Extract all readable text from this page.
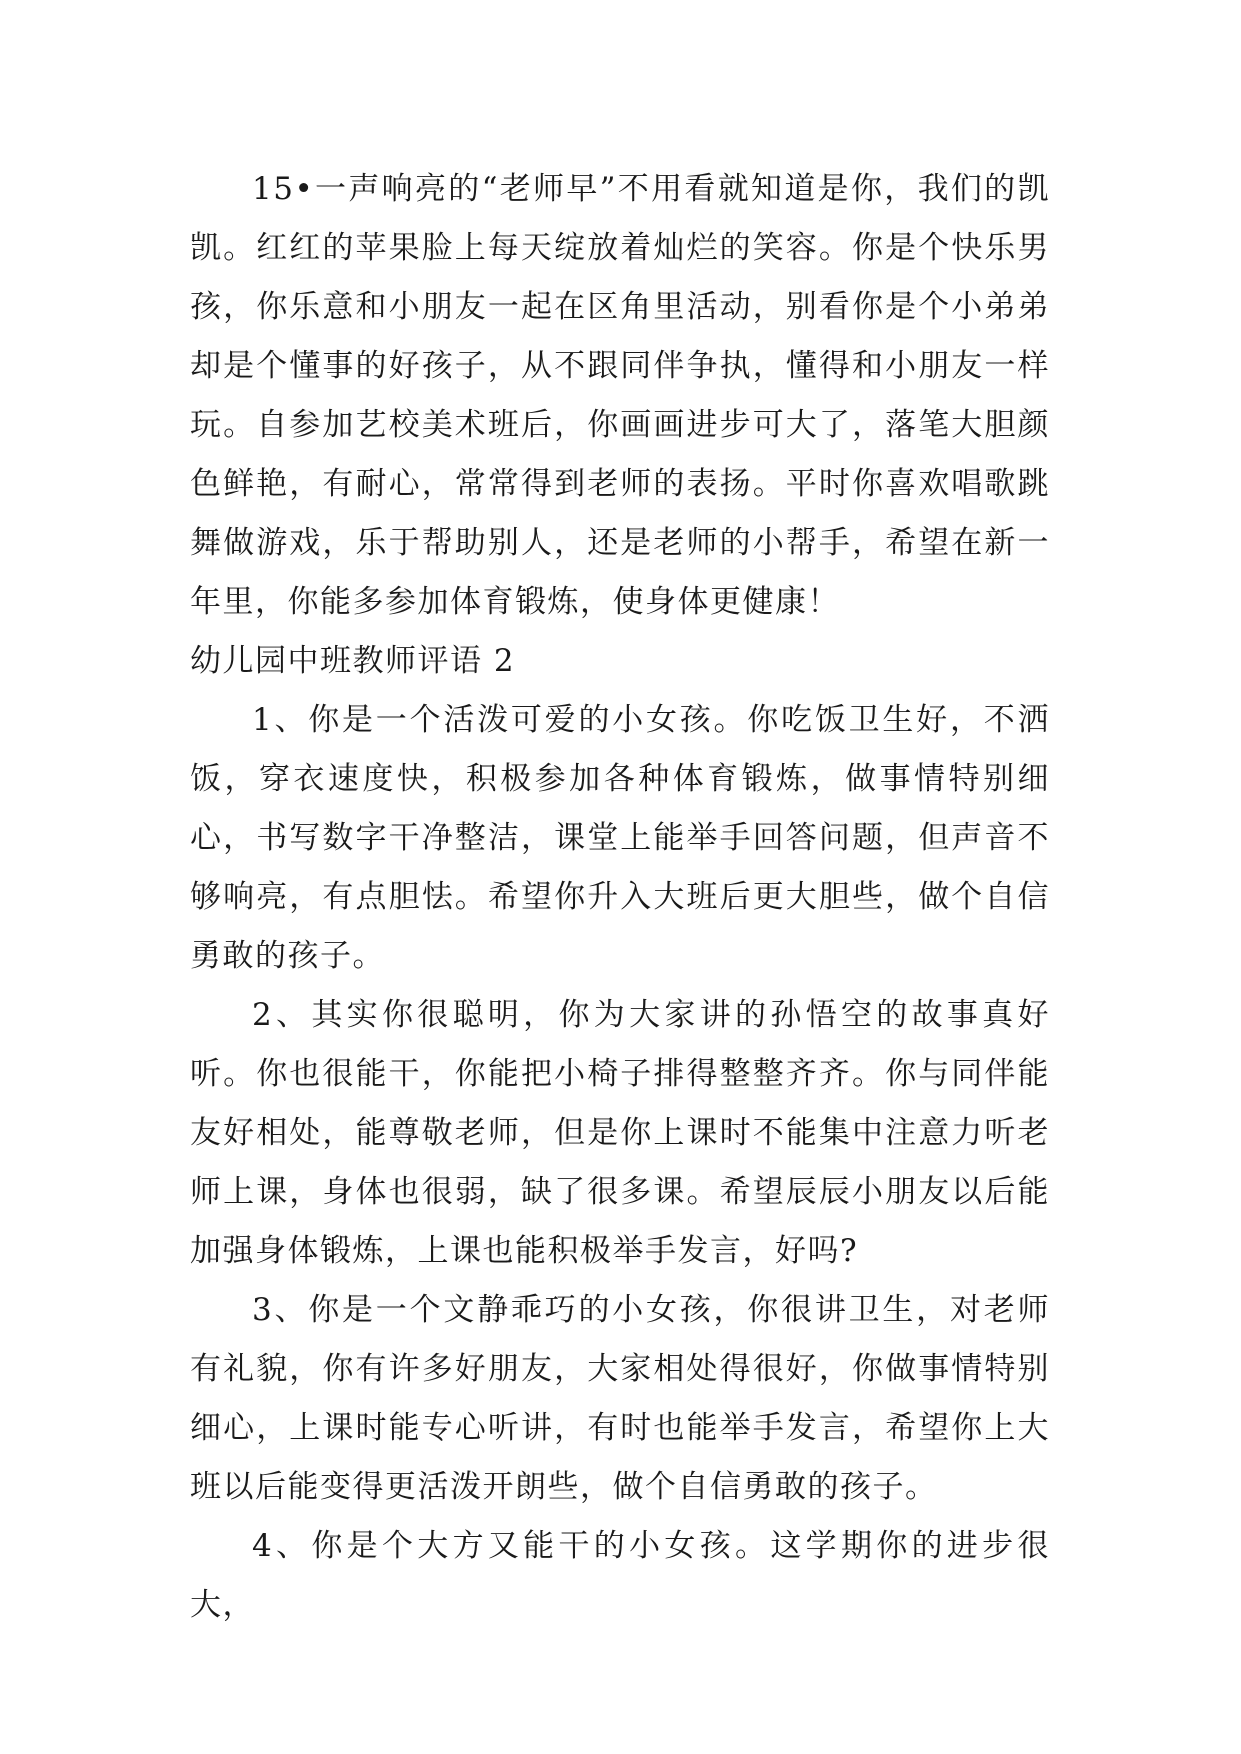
15•一声响亮的“老师早”不用看就知道是你，我们的凯凯。红红的苹果脸上每天绽放着灿烂的笑容。你是个快乐男孩，你乐意和小朋友一起在区角里活动，别看你是个小弟弟却是个懂事的好孩子，从不跟同伴争执，懂得和小朋友一样玩。自参加艺校美术班后，你画画进步可大了，落笔大胆颜色鲜艳，有耐心，常常得到老师的表扬。平时你喜欢唱歌跳舞做游戏，乐于帮助别人，还是老师的小帮手，希望在新一年里，你能多参加体育锻炼，使身体更健康！

幼儿园中班教师评语 2

1、你是一个活泼可爱的小女孩。你吃饭卫生好，不洒饭，穿衣速度快，积极参加各种体育锻炼，做事情特别细心，书写数字干净整洁，课堂上能举手回答问题，但声音不够响亮，有点胆怯。希望你升入大班后更大胆些，做个自信勇敢的孩子。

2、其实你很聪明，你为大家讲的孙悟空的故事真好听。你也很能干，你能把小椅子排得整整齐齐。你与同伴能友好相处，能尊敬老师，但是你上课时不能集中注意力听老师上课，身体也很弱，缺了很多课。希望辰辰小朋友以后能加强身体锻炼，上课也能积极举手发言，好吗?

3、你是一个文静乖巧的小女孩，你很讲卫生，对老师有礼貌，你有许多好朋友，大家相处得很好，你做事情特别细心，上课时能专心听讲，有时也能举手发言，希望你上大班以后能变得更活泼开朗些，做个自信勇敢的孩子。

4、你是个大方又能干的小女孩。这学期你的进步很大，
